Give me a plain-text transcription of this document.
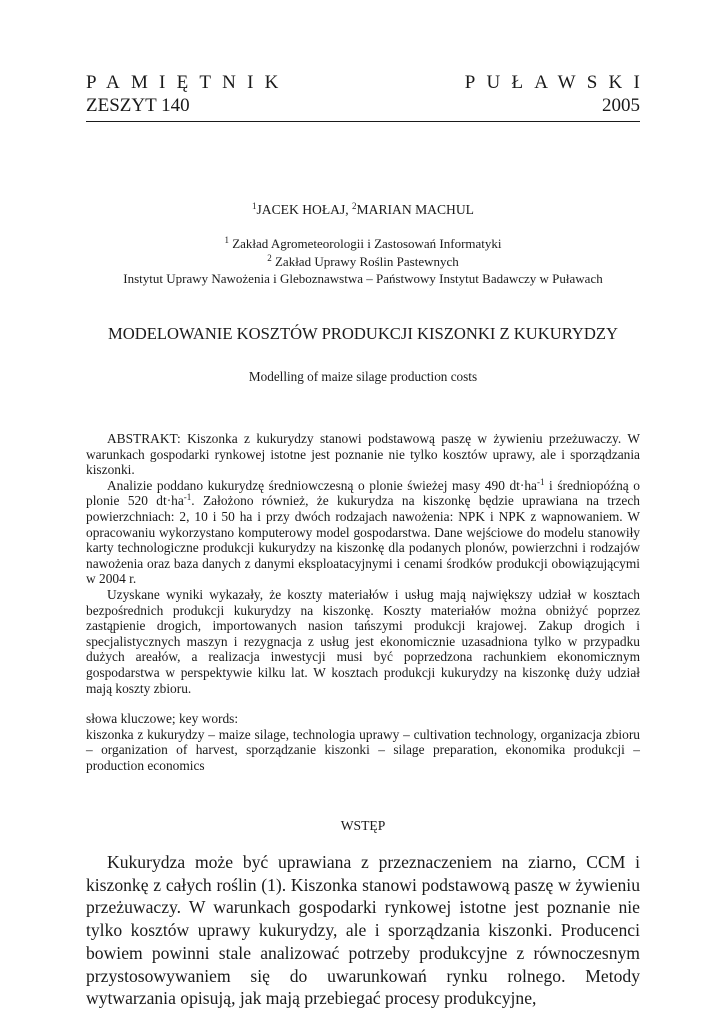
PAMIĘTNIK	PUŁAWSKI
ZESZYT 140	2005
$^1$JACEK HOŁAJ, $^2$MARIAN MACHUL
$^1$ Zakład Agrometeorologii i Zastosowań Informatyki
$^2$ Zakład Uprawy Roślin Pastewnych
Instytut Uprawy Nawożenia i Gleboznawstwa – Państwowy Instytut Badawczy w Puławach
MODELOWANIE KOSZTÓW PRODUKCJI KISZONKI Z KUKURYDZY
Modelling of maize silage production costs

ABSTRAKT: Kiszonka z kukurydzy stanowi podstawową paszę w żywieniu przeżuwaczy. W warunkach gospodarki rynkowej istotne jest poznanie nie tylko kosztów uprawy, ale i sporządzania kiszonki.

Analizie poddano kukurydzę średniowczesną o plonie świeżej masy 490 $dt\cdot ha^{-1}$ i średniopóźną o plonie 520 $dt\cdot ha^{-1}$. Założono również, że kukurydza na kiszonkę będzie uprawiana na trzech powierzchniach: 2, 10 i 50 ha i przy dwóch rodzajach nawożenia: NPK i NPK z wapnowaniem. W opracowaniu wykorzystano komputerowy model gospodarstwa. Dane wejściowe do modelu stanowiły karty technologiczne produkcji kukurydzy na kiszonkę dla podanych plonów, powierzchni i rodzajów nawożenia oraz baza danych z danymi eksploatacyjnymi i cenami środków produkcji obowiązującymi w 2004 r.

Uzyskane wyniki wykazały, że koszty materiałów i usług mają największy udział w kosztach bezpośrednich produkcji kukurydzy na kiszonkę. Koszty materiałów można obniżyć poprzez zastąpienie drogich, importowanych nasion tańszymi produkcji krajowej. Zakup drogich i specjalistycznych maszyn i rezygnacja z usług jest ekonomicznie uzasadniona tylko w przypadku dużych areałów, a realizacja inwestycji musi być poprzedzona rachunkiem ekonomicznym gospodarstwa w perspektywie kilku lat. W kosztach produkcji kukurydzy na kiszonkę duży udział mają koszty zbioru.

słowa kluczowe; key words:

kiszonka z kukurydzy – maize silage, technologia uprawy – cultivation technology, organizacja zbioru – organization of harvest, sporządzanie kiszonki – silage preparation, ekonomika produkcji – production economics

WSTĘP

Kukurydza może być uprawiana z przeznaczeniem na ziarno, CCM i kiszonkę z całych roślin (1). Kiszonka stanowi podstawową paszę w żywieniu przeżuwaczy. W warunkach gospodarki rynkowej istotne jest poznanie nie tylko kosztów uprawy kukurydzy, ale i sporządzania kiszonki. Producenci bowiem powinni stale analizować potrzeby produkcyjne z równoczesnym przystosowywaniem się do uwarunkowań rynku rolnego. Metody wytwarzania opisują, jak mają przebiegać procesy produkcyjne,
